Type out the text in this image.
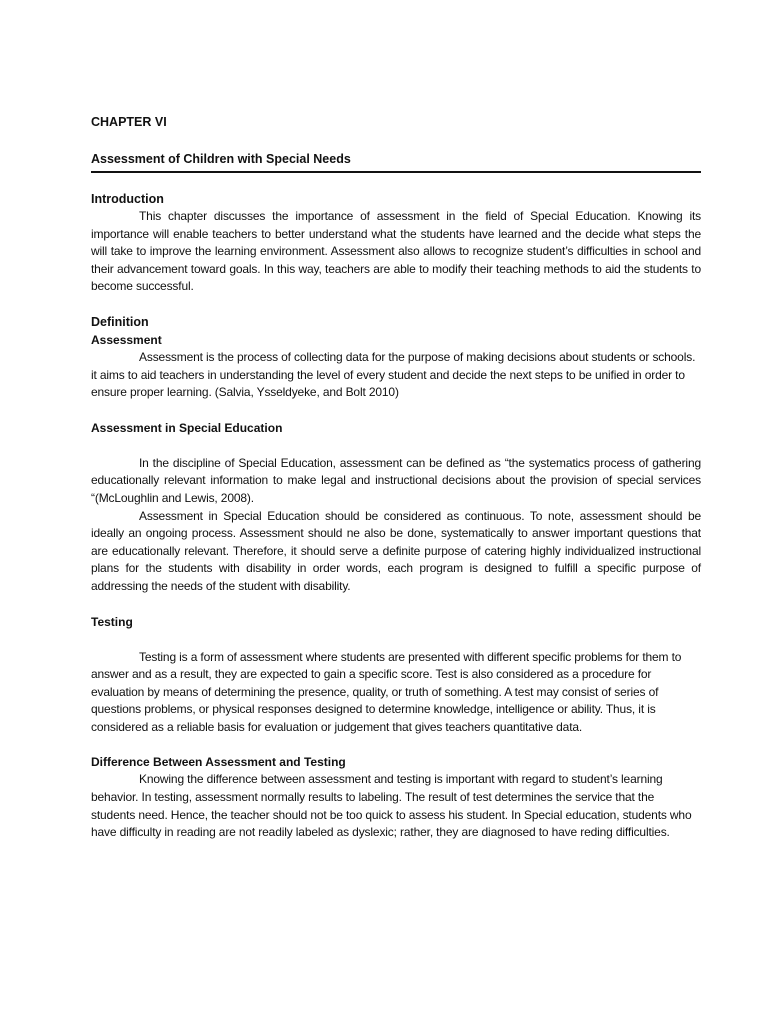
CHAPTER VI
Assessment of Children with Special Needs
Introduction

This chapter discusses the importance of assessment in the field of Special Education. Knowing its importance will enable teachers to better understand what the students have learned and the decide what steps the will take to improve the learning environment. Assessment also allows to recognize student’s difficulties in school and their advancement toward goals. In this way, teachers are able to modify their teaching methods to aid the students to become successful.

Definition
Assessment

Assessment is the process of collecting data for the purpose of making decisions about students or schools. it aims to aid teachers in understanding the level of every student and decide the next steps to be unified in order to ensure proper learning. (Salvia, Ysseldyeke, and Bolt 2010)

Assessment in Special Education

In the discipline of Special Education, assessment can be defined as “the systematics process of gathering educationally relevant information to make legal and instructional decisions about the provision of special services “(McLoughlin and Lewis, 2008).

Assessment in Special Education should be considered as continuous. To note, assessment should be ideally an ongoing process. Assessment should ne also be done, systematically to answer important questions that are educationally relevant. Therefore, it should serve a definite purpose of catering highly individualized instructional plans for the students with disability in order words, each program is designed to fulfill a specific purpose of addressing the needs of the student with disability.

Testing

Testing is a form of assessment where students are presented with different specific problems for them to answer and as a result, they are expected to gain a specific score. Test is also considered as a procedure for evaluation by means of determining the presence, quality, or truth of something. A test may consist of series of questions problems, or physical responses designed to determine knowledge, intelligence or ability. Thus, it is considered as a reliable basis for evaluation or judgement that gives teachers quantitative data.

Difference Between Assessment and Testing

Knowing the difference between assessment and testing is important with regard to student’s learning behavior. In testing, assessment normally results to labeling. The result of test determines the service that the students need. Hence, the teacher should not be too quick to assess his student. In Special education, students who have difficulty in reading are not readily labeled as dyslexic; rather, they are diagnosed to have reding difficulties.
